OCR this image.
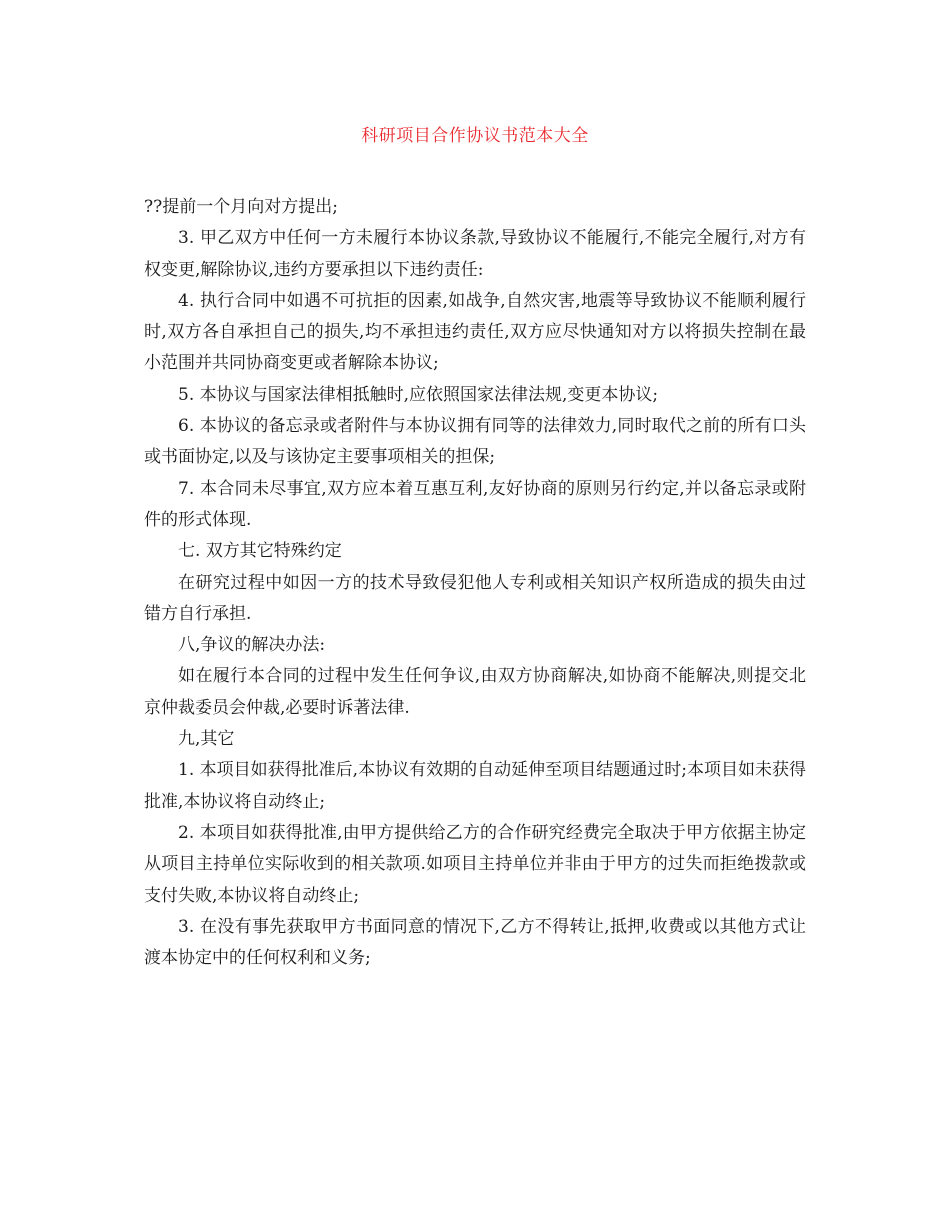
科研项目合作协议书范本大全

??提前一个月向对方提出;

3. 甲乙双方中任何一方未履行本协议条款,导致协议不能履行,不能完全履行,对方有权变更,解除协议,违约方要承担以下违约责任:

4. 执行合同中如遇不可抗拒的因素,如战争,自然灾害,地震等导致协议不能顺利履行时,双方各自承担自己的损失,均不承担违约责任,双方应尽快通知对方以将损失控制在最小范围并共同协商变更或者解除本协议;

5. 本协议与国家法律相抵触时,应依照国家法律法规,变更本协议;

6. 本协议的备忘录或者附件与本协议拥有同等的法律效力,同时取代之前的所有口头或书面协定,以及与该协定主要事项相关的担保;

7. 本合同未尽事宜,双方应本着互惠互利,友好协商的原则另行约定,并以备忘录或附件的形式体现.

七. 双方其它特殊约定

在研究过程中如因一方的技术导致侵犯他人专利或相关知识产权所造成的损失由过错方自行承担.

八,争议的解决办法:

如在履行本合同的过程中发生任何争议,由双方协商解决,如协商不能解决,则提交北京仲裁委员会仲裁,必要时诉著法律.

九,其它

1. 本项目如获得批准后,本协议有效期的自动延伸至项目结题通过时;本项目如未获得批准,本协议将自动终止;

2. 本项目如获得批准,由甲方提供给乙方的合作研究经费完全取决于甲方依据主协定从项目主持单位实际收到的相关款项.如项目主持单位并非由于甲方的过失而拒绝拨款或支付失败,本协议将自动终止;

3. 在没有事先获取甲方书面同意的情况下,乙方不得转让,抵押,收费或以其他方式让渡本协定中的任何权利和义务;
